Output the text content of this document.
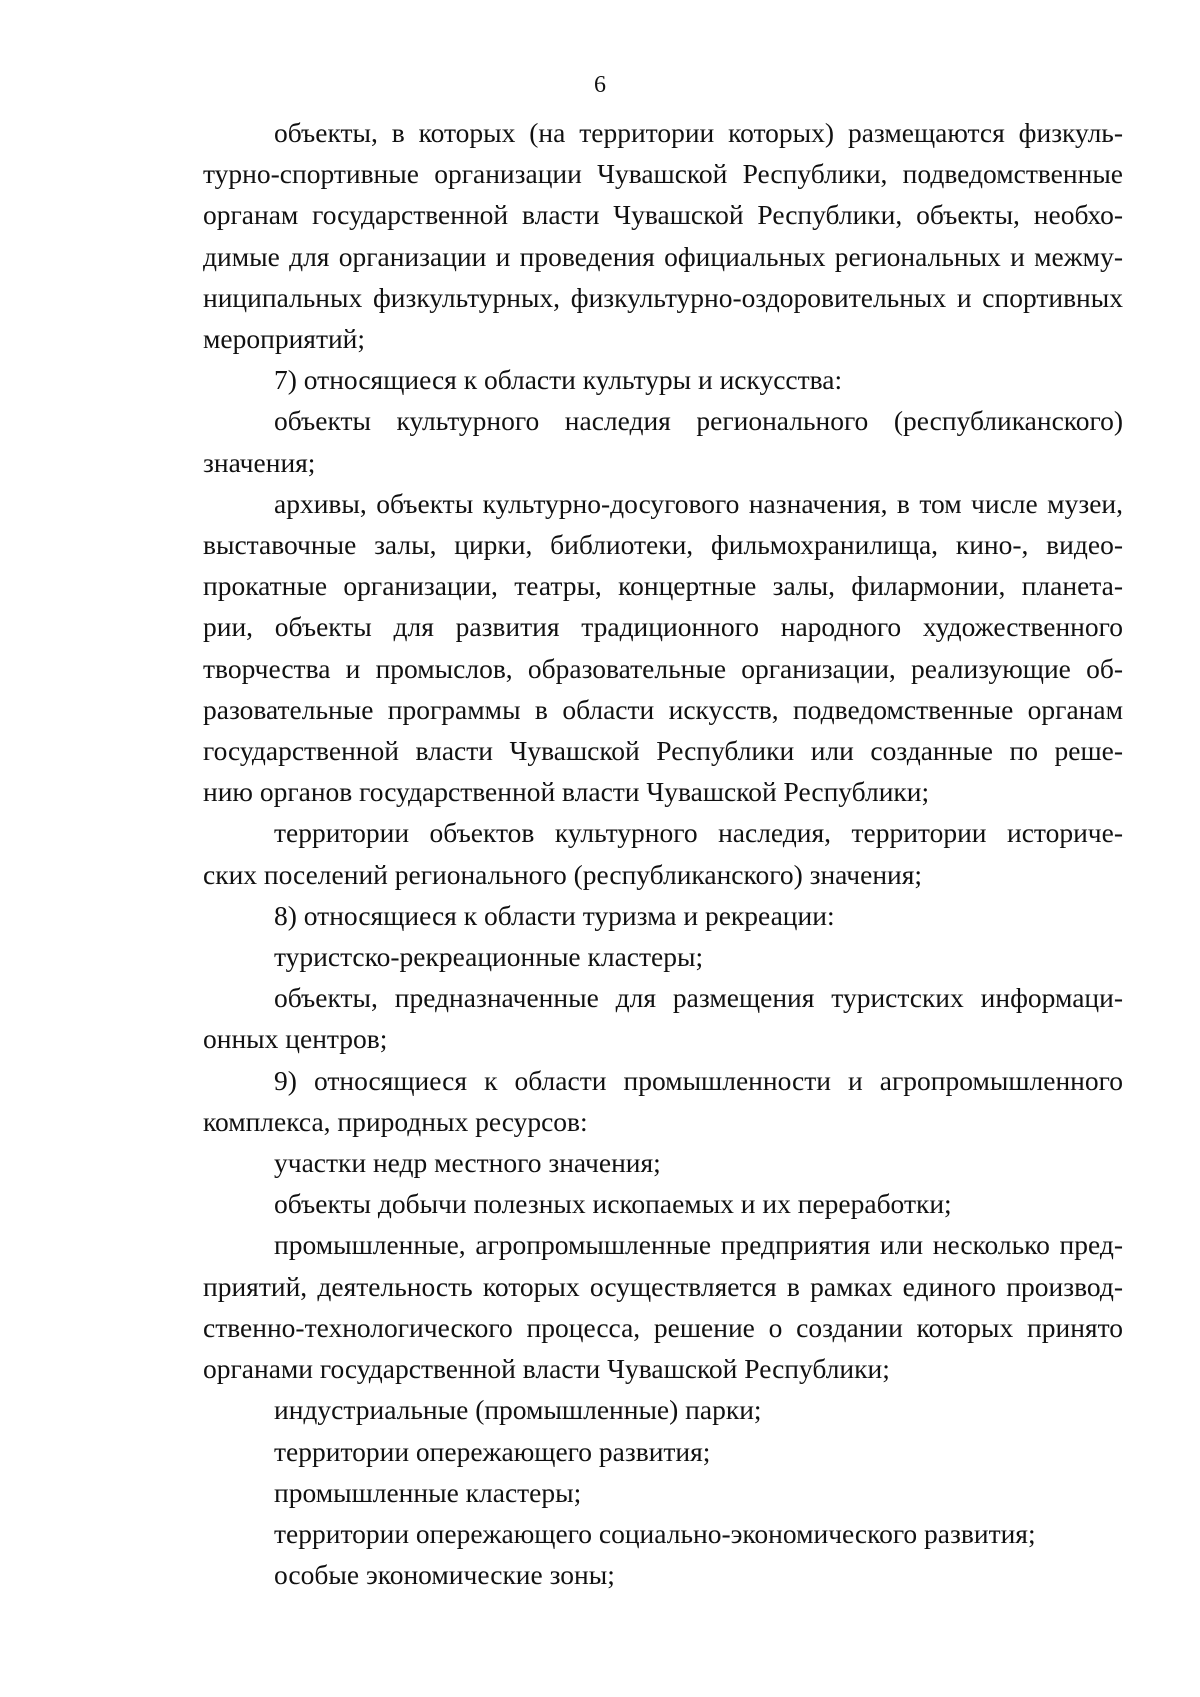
6
объекты, в которых (на территории которых) размещаются физкуль-
турно-спортивные организации Чувашской Республики, подведомственные
органам государственной власти Чувашской Республики, объекты, необхо-
димые для организации и проведения официальных региональных и межму-
ниципальных физкультурных, физкультурно-оздоровительных и спортивных
мероприятий;
7) относящиеся к области культуры и искусства:
объекты культурного наследия регионального (республиканского)
значения;
архивы, объекты культурно-досугового назначения, в том числе музеи,
выставочные залы, цирки, библиотеки, фильмохранилища, кино-, видео-
прокатные организации, театры, концертные залы, филармонии, планета-
рии, объекты для развития традиционного народного художественного
творчества и промыслов, образовательные организации, реализующие об-
разовательные программы в области искусств, подведомственные органам
государственной власти Чувашской Республики или созданные по реше-
нию органов государственной власти Чувашской Республики;
территории объектов культурного наследия, территории историче-
ских поселений регионального (республиканского) значения;
8) относящиеся к области туризма и рекреации:
туристско-рекреационные кластеры;
объекты, предназначенные для размещения туристских информаци-
онных центров;
9) относящиеся к области промышленности и агропромышленного
комплекса, природных ресурсов:
участки недр местного значения;
объекты добычи полезных ископаемых и их переработки;
промышленные, агропромышленные предприятия или несколько пред-
приятий, деятельность которых осуществляется в рамках единого производ-
ственно-технологического процесса, решение о создании которых принято
органами государственной власти Чувашской Республики;
индустриальные (промышленные) парки;
территории опережающего развития;
промышленные кластеры;
территории опережающего социально-экономического развития;
особые экономические зоны;
